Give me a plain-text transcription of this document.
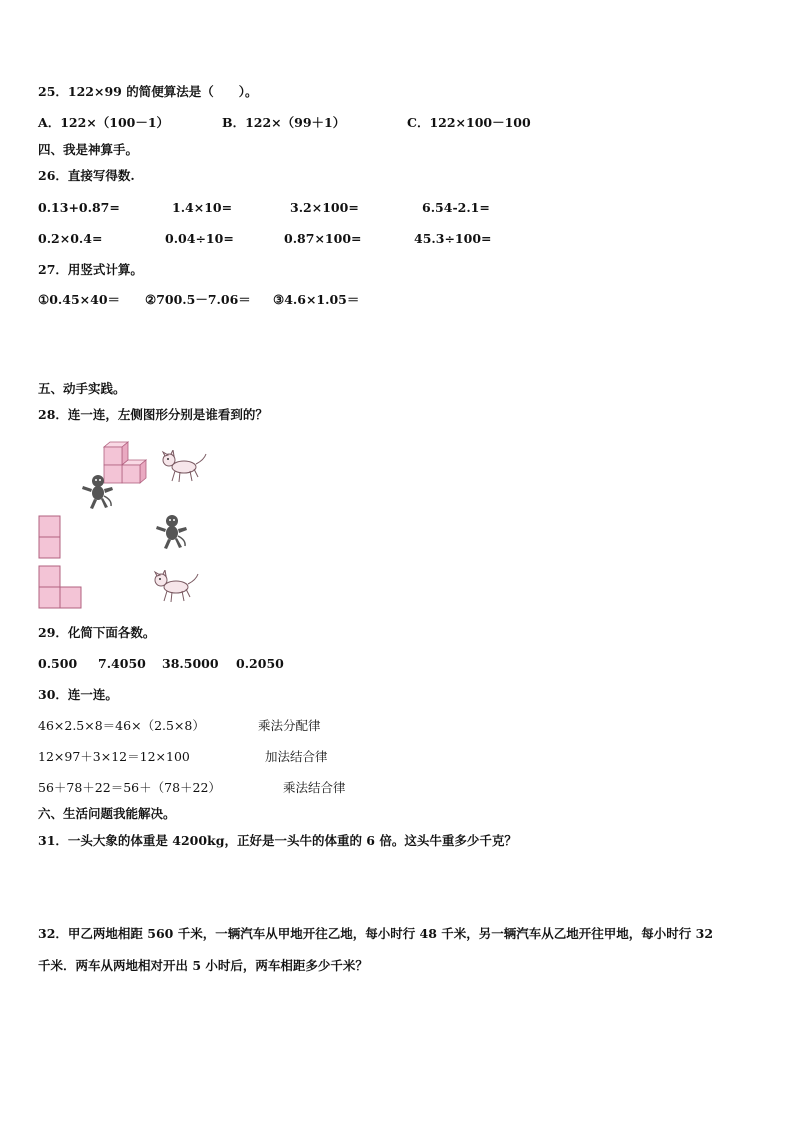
25．122×99 的简便算法是（　　）。
A．122×（100－1）	B．122×（99＋1）	C．122×100－100
四、我是神算手。
26．直接写得数.
0.13+0.87=	1.4×10=	3.2×100=	6.54-2.1=
0.2×0.4=	0.04÷10=	0.87×100=	45.3÷100=
27．用竖式计算。
①0.45×40＝ ②700.5－7.06＝ ③4.6×1.05＝
五、动手实践。
28．连一连，左侧图形分别是谁看到的？
29．化简下面各数。
0.500 7.4050 38.5000 0.2050
30．连一连。
46×2.5×8＝46×（2.5×8）	乘法分配律
12×97＋3×12＝12×100	加法结合律
56＋78＋22＝56＋（78＋22）	乘法结合律
六、生活问题我能解决。
31．一头大象的体重是 4200kg，正好是一头牛的体重的 6 倍。这头牛重多少千克？
32．甲乙两地相距 560 千米，一辆汽车从甲地开往乙地，每小时行 48 千米，另一辆汽车从乙地开往甲地，每小时行 32
千米．两车从两地相对开出 5 小时后，两车相距多少千米？
